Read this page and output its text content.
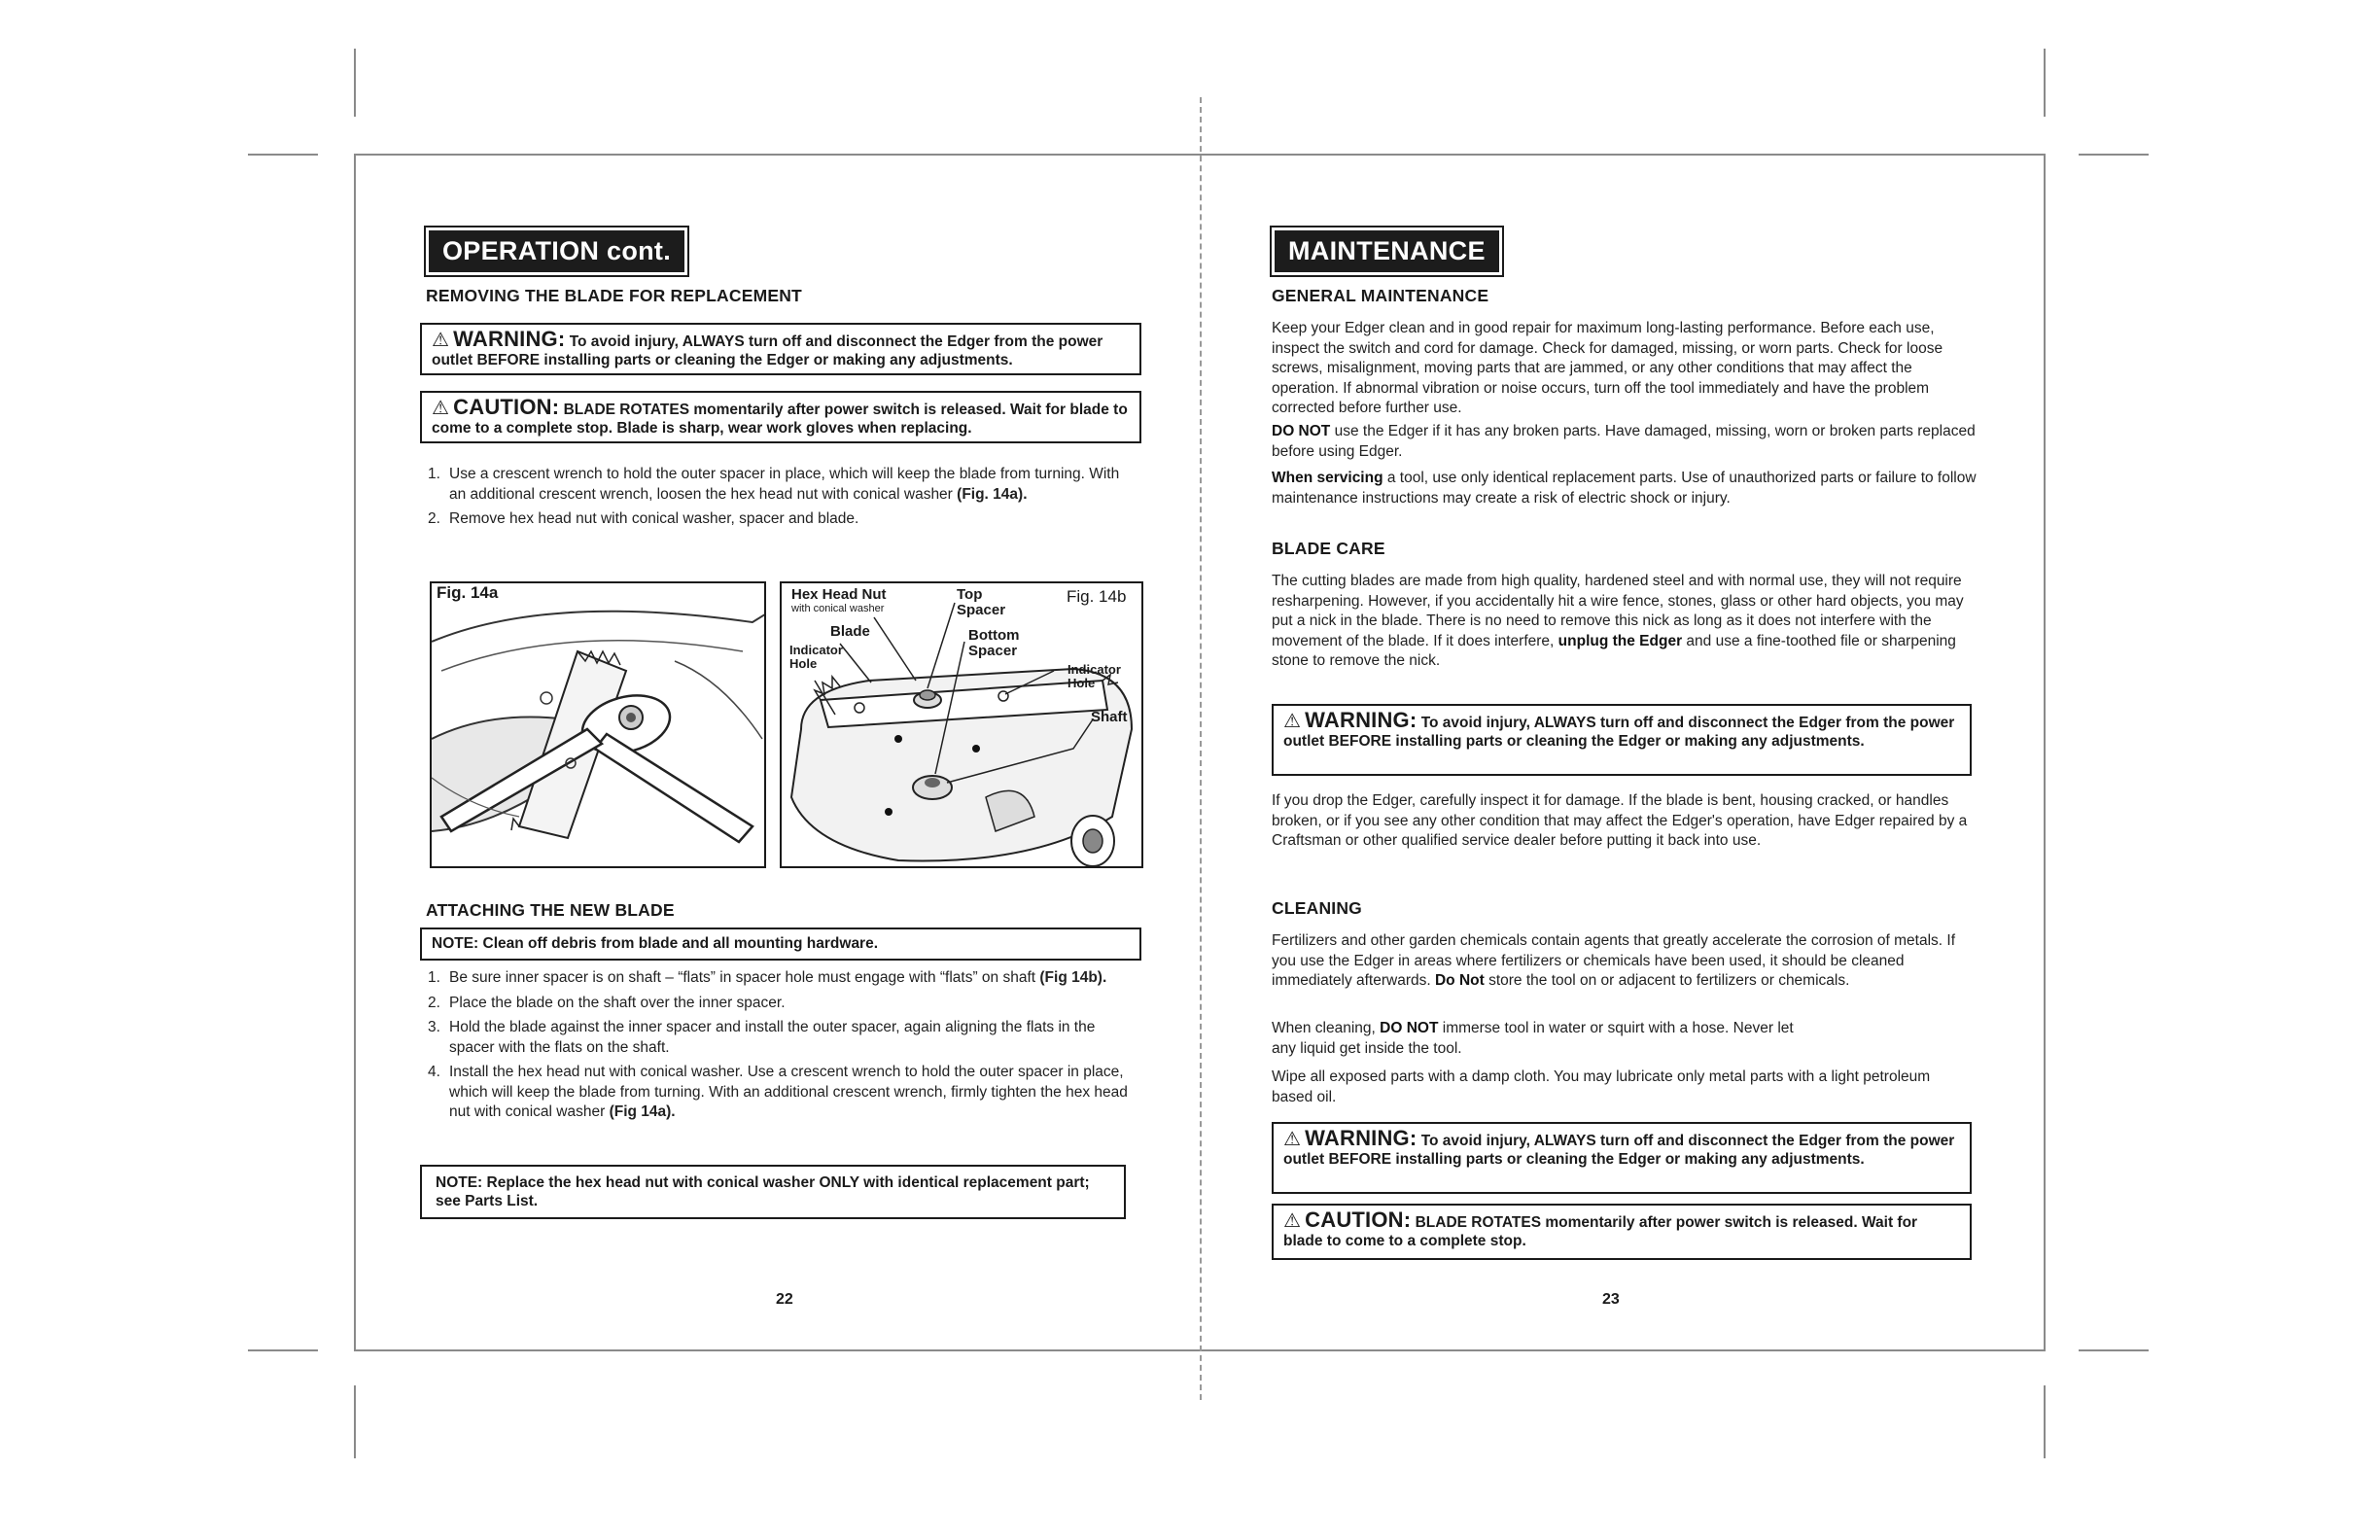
OPERATION cont.
REMOVING THE BLADE FOR REPLACEMENT
⚠ WARNING: To avoid injury, ALWAYS turn off and disconnect the Edger from the power outlet BEFORE installing parts or cleaning the Edger or making any adjustments.
⚠ CAUTION: BLADE ROTATES momentarily after power switch is released. Wait for blade to come to a complete stop. Blade is sharp, wear work gloves when replacing.
1. Use a crescent wrench to hold the outer spacer in place, which will keep the blade from turning. With an additional crescent wrench, loosen the hex head nut with conical washer (Fig. 14a).
2. Remove hex head nut with conical washer, spacer and blade.
Fig. 14a	Hex Head Nut
with conical washer
Blade
Indicator
Hole
Top
Spacer
Bottom
Spacer
Indicator
Hole
Shaft
Fig. 14b
ATTACHING THE NEW BLADE
NOTE: Clean off debris from blade and all mounting hardware.
1. Be sure inner spacer is on shaft – “flats” in spacer hole must engage with “flats” on shaft (Fig 14b).
2. Place the blade on the shaft over the inner spacer.
3. Hold the blade against the inner spacer and install the outer spacer, again aligning the flats in the spacer with the flats on the shaft.
4. Install the hex head nut with conical washer. Use a crescent wrench to hold the outer spacer in place, which will keep the blade from turning. With an additional crescent wrench, firmly tighten the hex head nut with conical washer (Fig 14a).
NOTE: Replace the hex head nut with conical washer ONLY with identical replacement part; see Parts List.
22
MAINTENANCE
GENERAL MAINTENANCE
Keep your Edger clean and in good repair for maximum long-lasting performance. Before each use, inspect the switch and cord for damage. Check for damaged, missing, or worn parts. Check for loose screws, misalignment, moving parts that are jammed, or any other conditions that may affect the operation. If abnormal vibration or noise occurs, turn off the tool immediately and have the problem corrected before further use.
DO NOT use the Edger if it has any broken parts. Have damaged, missing, worn or broken parts replaced before using Edger.
When servicing a tool, use only identical replacement parts. Use of unauthorized parts or failure to follow maintenance instructions may create a risk of electric shock or injury.
BLADE CARE
The cutting blades are made from high quality, hardened steel and with normal use, they will not require resharpening. However, if you accidentally hit a wire fence, stones, glass or other hard objects, you may put a nick in the blade. There is no need to remove this nick as long as it does not interfere with the movement of the blade. If it does interfere, unplug the Edger and use a fine-toothed file or sharpening stone to remove the nick.
⚠ WARNING: To avoid injury, ALWAYS turn off and disconnect the Edger from the power outlet BEFORE installing parts or cleaning the Edger or making any adjustments.
If you drop the Edger, carefully inspect it for damage. If the blade is bent, housing cracked, or handles broken, or if you see any other condition that may affect the Edger's operation, have Edger repaired by a Craftsman or other qualified service dealer before putting it back into use.
CLEANING
Fertilizers and other garden chemicals contain agents that greatly accelerate the corrosion of metals. If you use the Edger in areas where fertilizers or chemicals have been used, it should be cleaned immediately afterwards. Do Not store the tool on or adjacent to fertilizers or chemicals.
When cleaning, DO NOT immerse tool in water or squirt with a hose. Never let any liquid get inside the tool.
Wipe all exposed parts with a damp cloth. You may lubricate only metal parts with a light petroleum based oil.
⚠ WARNING: To avoid injury, ALWAYS turn off and disconnect the Edger from the power outlet BEFORE installing parts or cleaning the Edger or making any adjustments.
⚠ CAUTION: BLADE ROTATES momentarily after power switch is released. Wait for blade to come to a complete stop.
23
